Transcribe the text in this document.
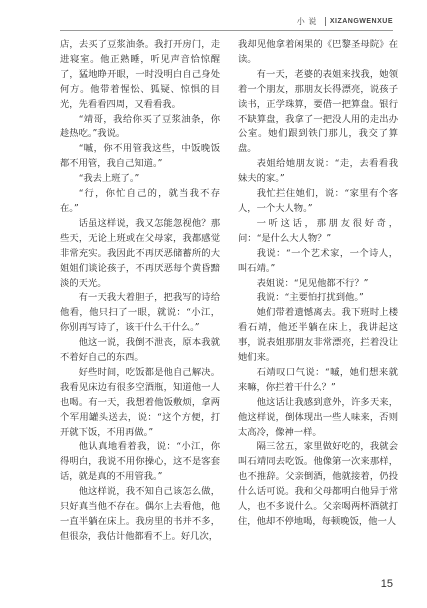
小 说 XIZANGWENXUE

店，去买了豆浆油条。我打开房门，走进寝室。他正熟睡，听见声音恰惊醒了，猛地睁开眼，一时没明白自己身处何方。他带着惺忪、狐疑、惊惧的目光，先看看四周，又看看我。

“靖哥，我给你买了豆浆油条，你趁热吃。”我说。

“嘁，你不用管我这些，中饭晚饭都不用管，我自己知道。”

“我去上班了。”

“行，你忙自己的，就当我不存在。”

话虽这样说，我又怎能忽视他？那些天，无论上班或在父母家，我都感觉非常充实。我因此不再厌恶储蓄所的大姐姐们谈论孩子，不再厌恶每个黄昏黯淡的天光。

有一天我大着胆子，把我写的诗给他看，他只扫了一眼，就说：“小江，你别再写诗了，该干什么干什么。”

他这一说，我倒不泄丧，原本我就不着好自己的东西。

好些时间，吃饭都是他自己解决。我看见床边有很多空酒瓶，知道他一人也喝。有一天，我想着他饭敷烦，拿两个军用罐头送去，说：“这个方便，打开就下饭，不用再做。”

他认真地看着我，说：“小江，你得明白，我说不用你操心，这不是客套话，就是真的不用管我。”

他这样说，我不知自己该怎么做，只好真当他不存在。偶尔上去看他，他一直半躺在床上。我房里的书并不多，但很杂，我估计他都看不上。好几次，

我却见他拿着闲果的《巴黎圣母院》在读。

有一天，老婆的表姐来找我，她领着一个朋友，那朋友长得漂亮，说孩子读书，正学珠算，要借一把算盘。银行不缺算盘，我拿了一把没人用的走出办公室。她们跟到铁门那儿，我交了算盘。

表姐给她朋友说：“走，去看看我妹夫的家。”

我忙拦住她们，说：“家里有个客人，一个大人物。”

一听这话，那朋友很好奇，问：“是什么大人物？”

我说：“一个艺术家，一个诗人，叫石靖。”

表姐说：“见见他都不行？”

我说：“主要怕打扰到他。”

她们带着遗憾离去。我下班时上楼看石靖，他还半躺在床上，我讲起这事，说表姐那朋友非常漂亮，拦着没让她们来。

石靖叹口气说：“嘁，她们想来就来嘛，你拦着干什么？”

他这话让我感到意外，许多天来，他这样说，倒体现出一些人味来，否则太高冷，像神一样。

隔三岔五，家里做好吃的，我就会叫石靖同去吃饭。他像第一次来那样，也不推辞。父亲倒酒，他就接着，仍投什么话可说。我和父母都明白他异于常人，也不多说什么。父亲喝两杯酒就打住，他却不停地喝，每顿晚饭，他一人

15
